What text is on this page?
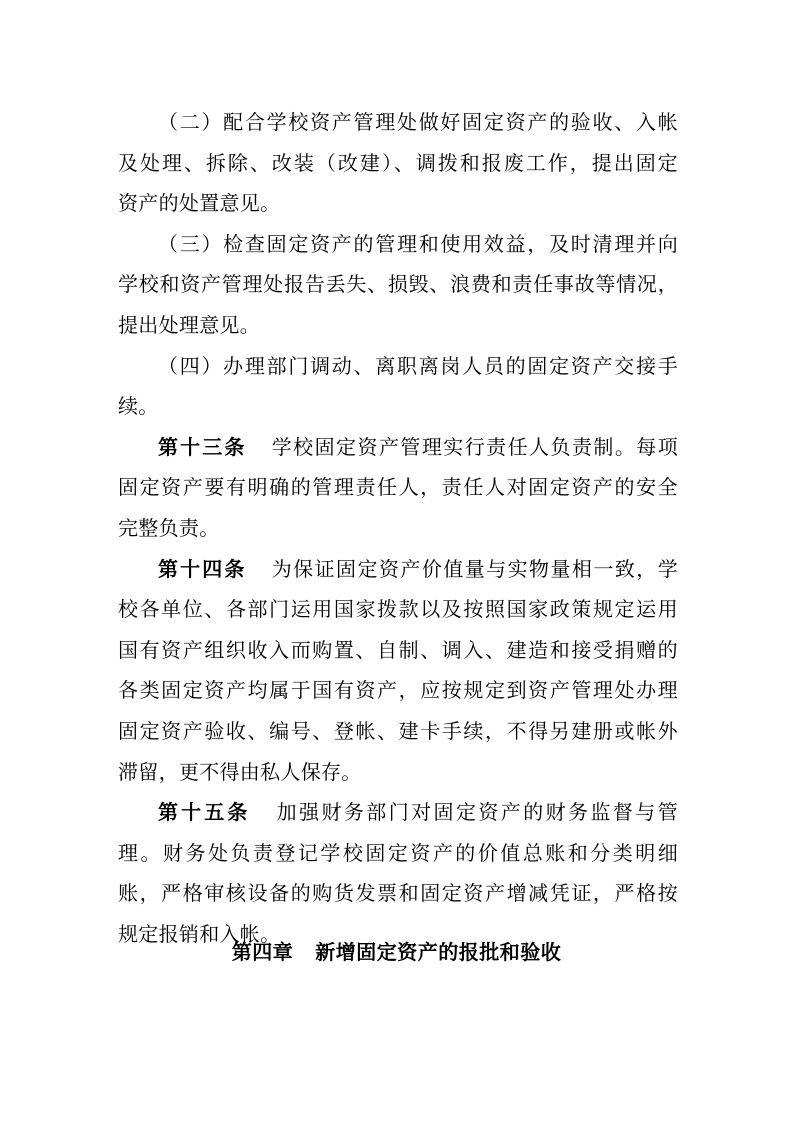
（二）配合学校资产管理处做好固定资产的验收、入帐
及处理、拆除、改装（改建）、调拨和报废工作，提出固定
资产的处置意见。
（三）检查固定资产的管理和使用效益，及时清理并向
学校和资产管理处报告丢失、损毁、浪费和责任事故等情况，
提出处理意见。
（四）办理部门调动、离职离岗人员的固定资产交接手
续。
第十三条 学校固定资产管理实行责任人负责制。每项
固定资产要有明确的管理责任人，责任人对固定资产的安全
完整负责。
第十四条 为保证固定资产价值量与实物量相一致，学
校各单位、各部门运用国家拨款以及按照国家政策规定运用
国有资产组织收入而购置、自制、调入、建造和接受捐赠的
各类固定资产均属于国有资产，应按规定到资产管理处办理
固定资产验收、编号、登帐、建卡手续，不得另建册或帐外
滞留，更不得由私人保存。
第十五条 加强财务部门对固定资产的财务监督与管
理。财务处负责登记学校固定资产的价值总账和分类明细
账，严格审核设备的购货发票和固定资产增减凭证，严格按
规定报销和入帐。
第四章 新增固定资产的报批和验收
